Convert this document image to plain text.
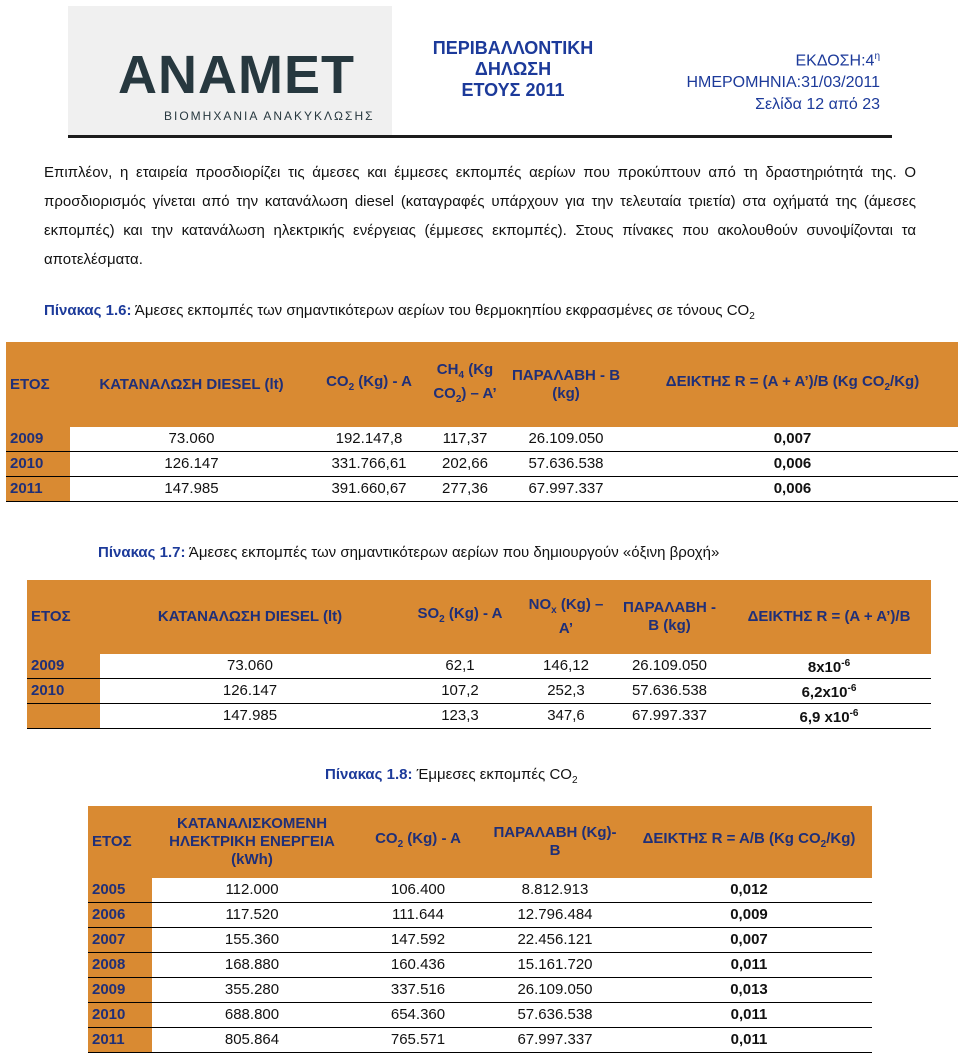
ANAMET
ΒΙΟΜΗΧΑΝΙΑ ΑΝΑΚΥΚΛΩΣΗΣ
ΠΕΡΙΒΑΛΛΟΝΤΙΚΗ
ΔΗΛΩΣΗ
ΕΤΟΥΣ 2011
$EK\Delta O\Sigma H:4^\eta$
ΗΜΕΡΟΜΗΝΙΑ:31/03/2011
Σελίδα 12 από 23
Επιπλέον, η εταιρεία προσδιορίζει τις άμεσες και έμμεσες εκπομπές αερίων που προκύπτουν από τη δραστηριότητά της. Ο προσδιορισμός γίνεται από την κατανάλωση diesel (καταγραφές υπάρχουν για την τελευταία τριετία) στα οχήματά της (άμεσες εκπομπές) και την κατανάλωση ηλεκτρικής ενέργειας (έμμεσες εκπομπές). Στους πίνακες που ακολουθούν συνοψίζονται τα αποτελέσματα.
Πίνακας 1.6: Άμεσες εκπομπές των σημαντικότερων αερίων του θερμοκηπίου εκφρασμένες σε τόνους $CO_2$
ΕΤΟΣ	ΚΑΤΑΝΑΛΩΣΗ DIESEL (lt)	$CO_2$ (Kg) - A	$CH_4$ (Kg $CO_2$) – A’	ΠΑΡΑΛΑΒΗ - B (kg)	ΔΕΙΚΤΗΣ R = (A + A’)/B (Kg $CO_2/Kg$)
2009	73.060	192.147,8	117,37	26.109.050	0,007
2010	126.147	331.766,61	202,66	57.636.538	0,006
2011	147.985	391.660,67	277,36	67.997.337	0,006
Πίνακας 1.7: Άμεσες εκπομπές των σημαντικότερων αερίων που δημιουργούν «όξινη βροχή»
ΕΤΟΣ	ΚΑΤΑΝΑΛΩΣΗ DIESEL (lt)	$SO_2$ (Kg) - A	$NO_x$ (Kg) – A’	ΠΑΡΑΛΑΒΗ - B (kg)	ΔΕΙΚΤΗΣ R = (A + A’)/B
2009	73.060	62,1	146,12	26.109.050	$8x10^{-6}$
2010	126.147	107,2	252,3	57.636.538	$6,2x10^{-6}$
	147.985	123,3	347,6	67.997.337	6,9 $x10^{-6}$
Πίνακας 1.8: Έμμεσες εκπομπές $CO_2$
ΕΤΟΣ	ΚΑΤΑΝΑΛΙΣΚΟΜΕΝΗ ΗΛΕΚΤΡΙΚΗ ΕΝΕΡΓΕΙΑ (kWh)	$CO_2$ (Kg) - A	ΠΑΡΑΛΑΒΗ (Kg)- B	ΔΕΙΚΤΗΣ R = A/B (Kg $CO_2/Kg$)
2005	112.000	106.400	8.812.913	0,012
2006	117.520	111.644	12.796.484	0,009
2007	155.360	147.592	22.456.121	0,007
2008	168.880	160.436	15.161.720	0,011
2009	355.280	337.516	26.109.050	0,013
2010	688.800	654.360	57.636.538	0,011
2011	805.864	765.571	67.997.337	0,011
